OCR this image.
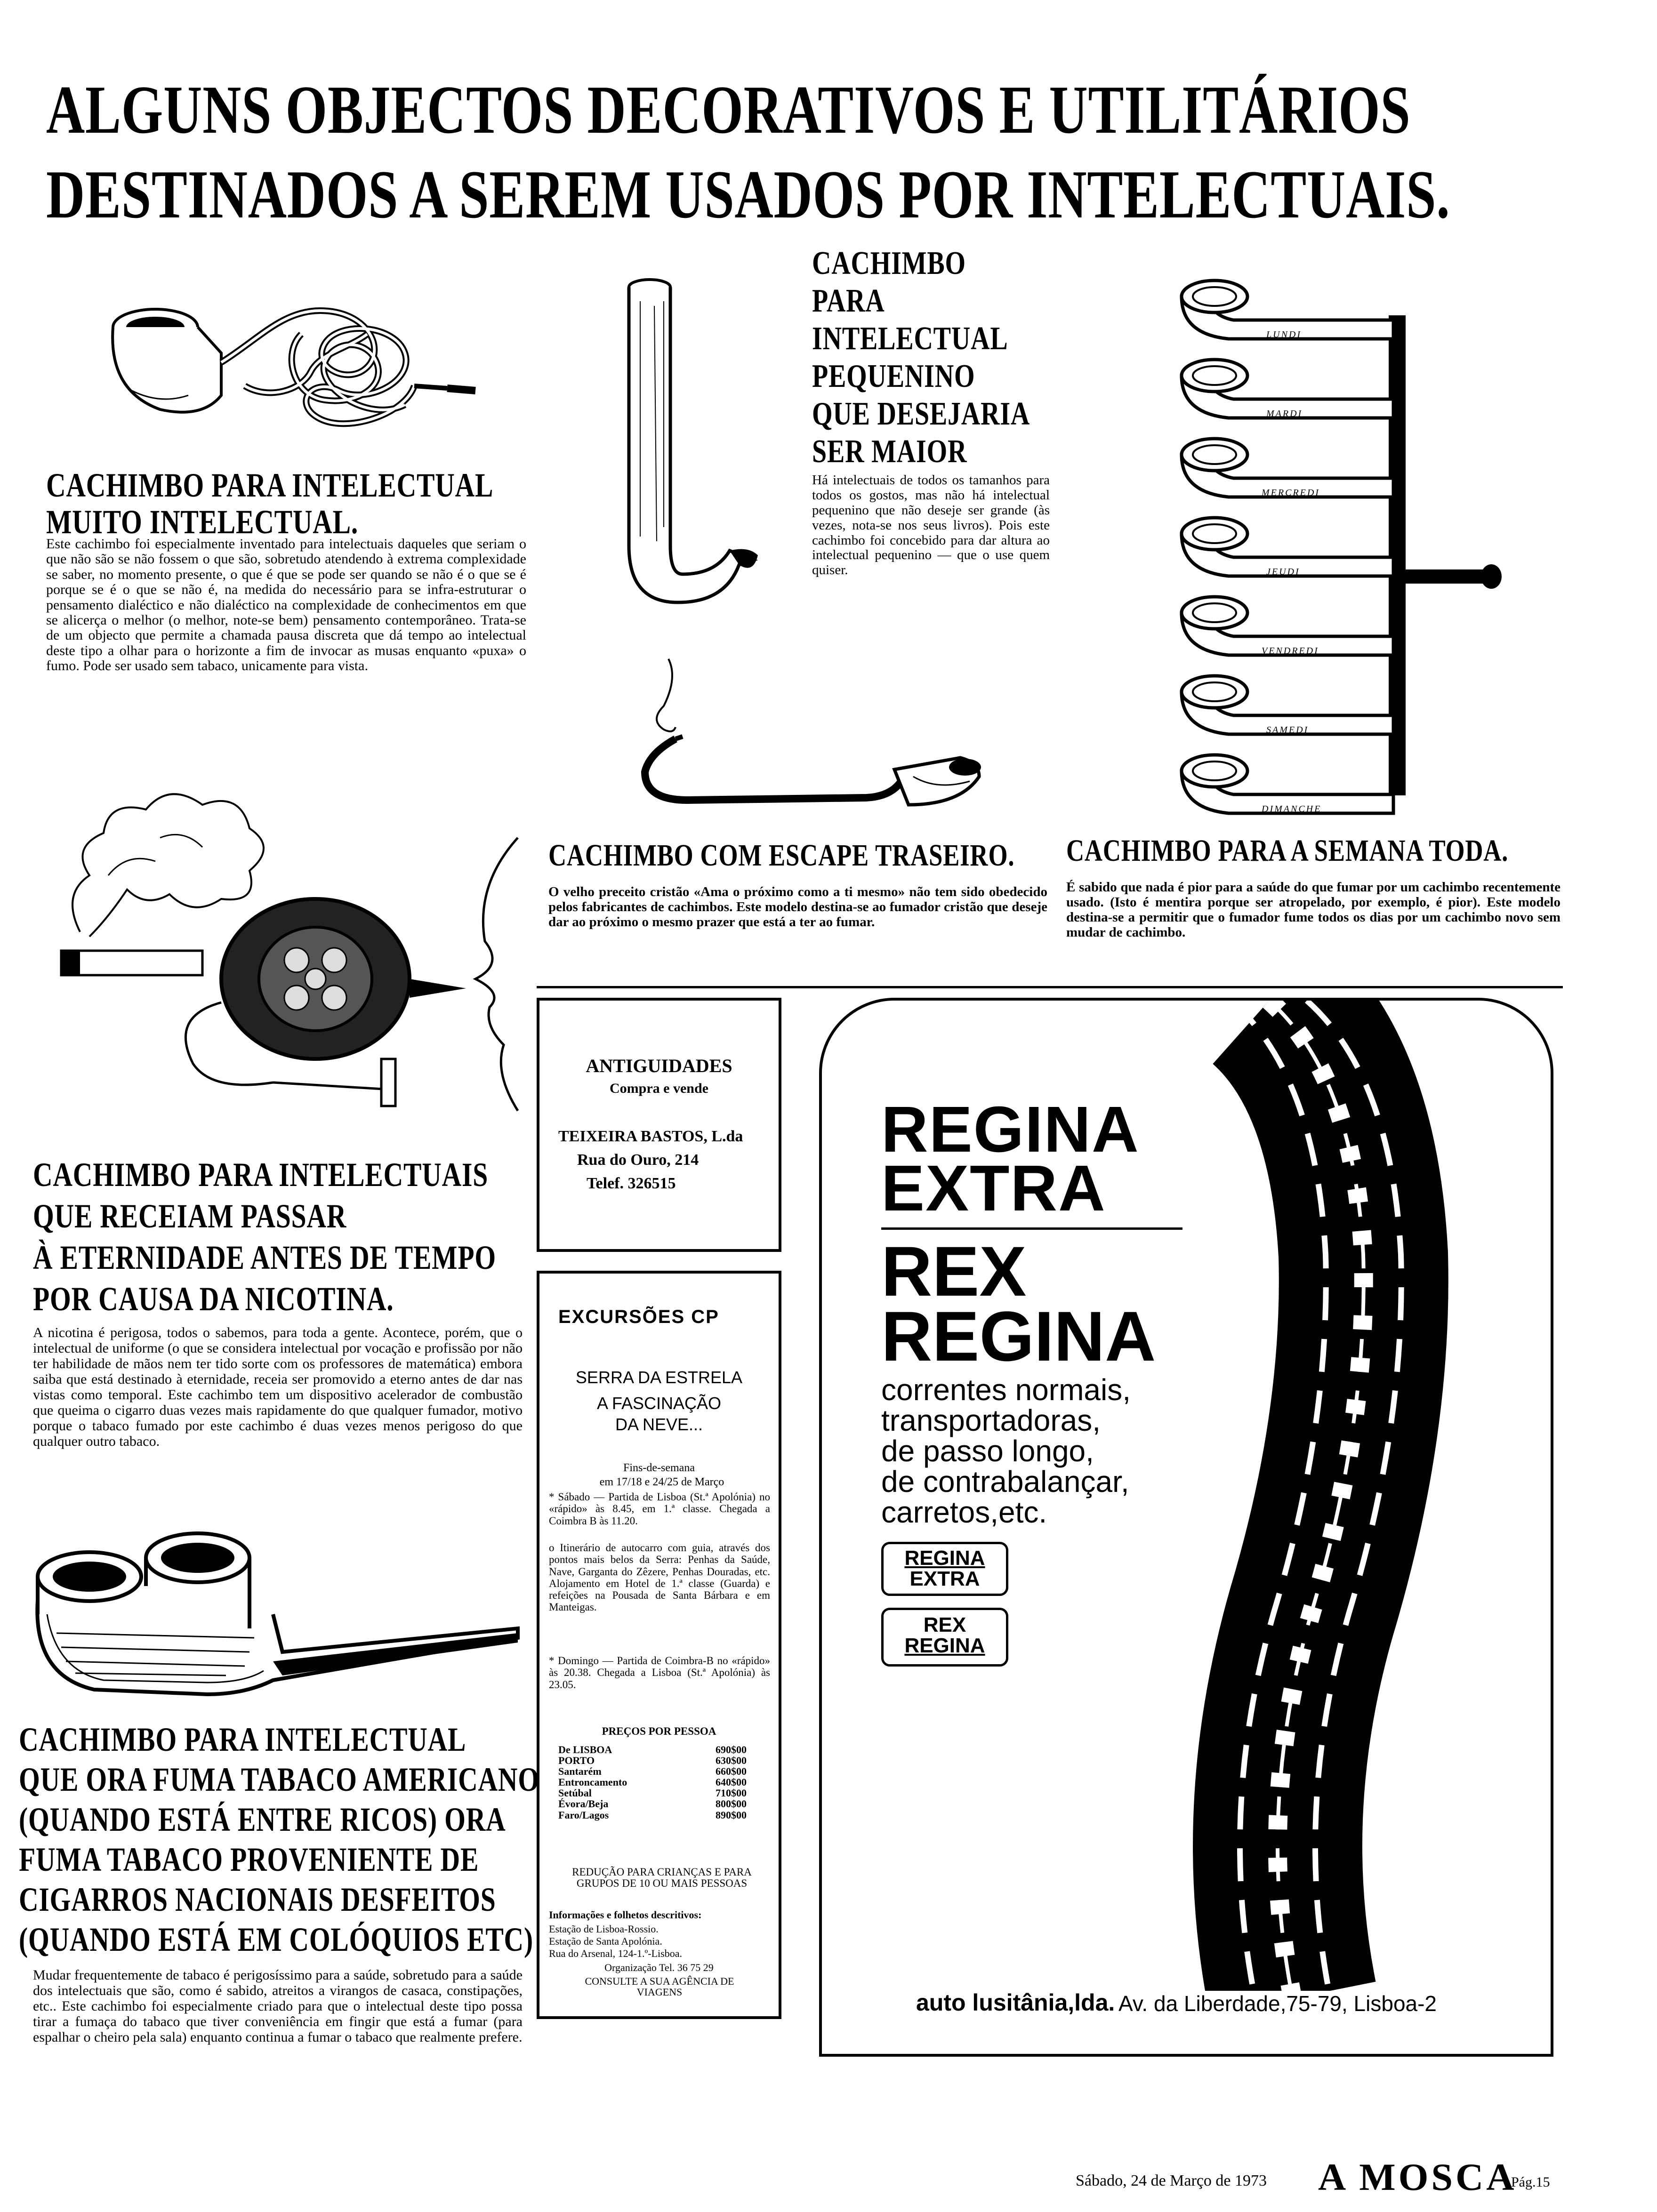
ALGUNS OBJECTOS DECORATIVOS E UTILITÁRIOS
DESTINADOS A SEREM USADOS POR INTELECTUAIS.
CACHIMBO PARA INTELECTUAL
MUITO INTELECTUAL.
Este cachimbo foi especialmente inventado para intelectuais daqueles que seriam o que não são se não fossem o que são, sobretudo atendendo à extrema complexidade se saber, no momento presente, o que é que se pode ser quando se não é o que se é porque se é o que se não é, na medida do necessário para se infra-estruturar o pensamento dialéctico e não dialéctico na complexidade de conhecimentos em que se alicerça o melhor (o melhor, note-se bem) pensamento contemporâneo. Trata-se de um objecto que permite a chamada pausa discreta que dá tempo ao intelectual deste tipo a olhar para o horizonte a fim de invocar as musas enquanto «puxa» o fumo. Pode ser usado sem tabaco, unicamente para vista.
CACHIMBO
PARA
INTELECTUAL
PEQUENINO
QUE DESEJARIA
SER MAIOR
Há intelectuais de todos os tamanhos para todos os gostos, mas não há intelectual pequenino que não deseje ser grande (às vezes, nota-se nos seus livros). Pois este cachimbo foi concebido para dar altura ao intelectual pequenino — que o use quem quiser.
CACHIMBO COM ESCAPE TRASEIRO.
O velho preceito cristão «Ama o próximo como a ti mesmo» não tem sido obedecido pelos fabricantes de cachimbos. Este modelo destina-se ao fumador cristão que deseje dar ao próximo o mesmo prazer que está a ter ao fumar.
LUNDI
MARDI
MERCREDI
JEUDI
VENDREDI
SAMEDI
DIMANCHE
CACHIMBO PARA A SEMANA TODA.
É sabido que nada é pior para a saúde do que fumar por um cachimbo recentemente usado. (Isto é mentira porque ser atropelado, por exemplo, é pior). Este modelo destina-se a permitir que o fumador fume todos os dias por um cachimbo novo sem mudar de cachimbo.
CACHIMBO PARA INTELECTUAIS
QUE RECEIAM PASSAR
À ETERNIDADE ANTES DE TEMPO
POR CAUSA DA NICOTINA.
A nicotina é perigosa, todos o sabemos, para toda a gente. Acontece, porém, que o intelectual de uniforme (o que se considera intelectual por vocação e profissão por não ter habilidade de mãos nem ter tido sorte com os professores de matemática) embora saiba que está destinado à eternidade, receia ser promovido a eterno antes de dar nas vistas como temporal. Este cachimbo tem um dispositivo acelerador de combustão que queima o cigarro duas vezes mais rapidamente do que qualquer fumador, motivo porque o tabaco fumado por este cachimbo é duas vezes menos perigoso do que qualquer outro tabaco.
CACHIMBO PARA INTELECTUAL
QUE ORA FUMA TABACO AMERICANO
(QUANDO ESTÁ ENTRE RICOS) ORA
FUMA TABACO PROVENIENTE DE
CIGARROS NACIONAIS DESFEITOS
(QUANDO ESTÁ EM COLÓQUIOS ETC)
Mudar frequentemente de tabaco é perigosíssimo para a saúde, sobretudo para a saúde dos intelectuais que são, como é sabido, atreitos a virangos de casaca, constipações, etc.. Este cachimbo foi especialmente criado para que o intelectual deste tipo possa tirar a fumaça do tabaco que tiver conveniência em fingir que está a fumar (para espalhar o cheiro pela sala) enquanto continua a fumar o tabaco que realmente prefere.
ANTIGUIDADES
Compra e vende
TEIXEIRA BASTOS, L.da
Rua do Ouro, 214
Telef. 326515
EXCURSÕES CP
SERRA DA ESTRELA
A FASCINAÇÃO
DA NEVE...
Fins-de-semana
em 17/18 e 24/25 de Março
* Sábado — Partida de Lisboa (St.ª Apolónia) no «rápido» às 8.45, em 1.ª classe. Chegada a Coimbra B às 11.20.
o Itinerário de autocarro com guia, através dos pontos mais belos da Serra: Penhas da Saúde, Nave, Garganta do Zêzere, Penhas Douradas, etc. Alojamento em Hotel de 1.ª classe (Guarda) e refeições na Pousada de Santa Bárbara e em Manteigas.
* Domingo — Partida de Coimbra-B no «rápido» às 20.38. Chegada a Lisboa (St.ª Apolónia) às 23.05.
PREÇOS POR PESSOA
De LISBOA	690$00
PORTO	630$00
Santarém	660$00
Entroncamento	640$00
Setúbal	710$00
Évora/Beja	800$00
Faro/Lagos	890$00
REDUÇÃO PARA CRIANÇAS E PARA GRUPOS DE 10 OU MAIS PESSOAS
Informações e folhetos descritivos:
Estação de Lisboa-Rossio.
Estação de Santa Apolónia.
Rua do Arsenal, 124-1.º-Lisboa.
Organização Tel. 36 75 29
CONSULTE A SUA AGÊNCIA DE VIAGENS
REGINA
EXTRA
REX
REGINA
correntes normais,
transportadoras,
de passo longo,
de contrabalançar,
carretos,etc.
REGINA
EXTRA
REX
REGINA
auto lusitânia,lda. Av. da Liberdade,75-79, Lisboa-2
Sábado, 24 de Março de 1973 A MOSCA
Pág.15
